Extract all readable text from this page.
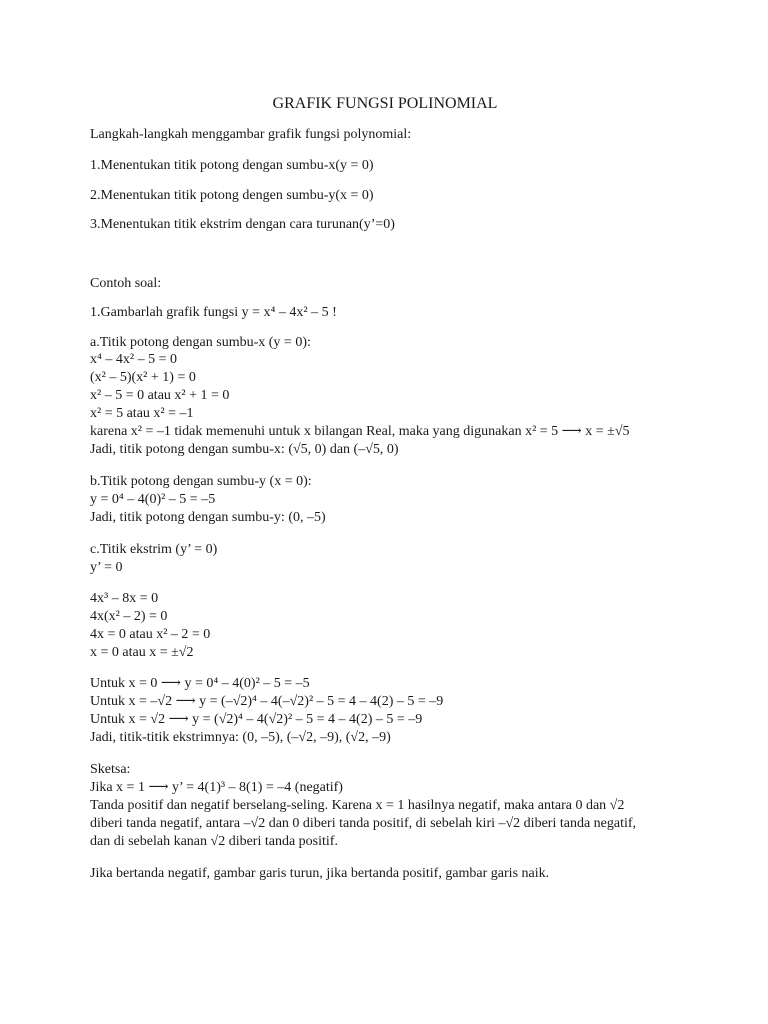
GRAFIK FUNGSI POLINOMIAL
Langkah-langkah menggambar grafik fungsi polynomial:
1.Menentukan titik potong dengan sumbu-x(y = 0)
2.Menentukan titik potong dengen sumbu-y(x = 0)
3.Menentukan titik ekstrim dengan cara turunan(y’=0)
Contoh soal:
1.Gambarlah grafik fungsi y = x⁴ – 4x² – 5 !
a.Titik potong dengan sumbu-x (y = 0):
x⁴ – 4x² – 5 = 0
(x² – 5)(x² + 1) = 0
x² – 5 = 0 atau x² + 1 = 0
x² = 5 atau x² = –1
karena x² = –1 tidak memenuhi untuk x bilangan Real, maka yang digunakan x² = 5 ⟶ x = ±√5
Jadi, titik potong dengan sumbu-x: (√5, 0) dan (–√5, 0)
b.Titik potong dengan sumbu-y (x = 0):
y = 0⁴ – 4(0)² – 5 = –5
Jadi, titik potong dengan sumbu-y: (0, –5)
c.Titik ekstrim (y’ = 0)
y’ = 0
4x³ – 8x = 0
4x(x² – 2) = 0
4x = 0 atau x² – 2 = 0
x = 0 atau x = ±√2
Untuk x = 0 ⟶ y = 0⁴ – 4(0)² – 5 = –5
Untuk x = –√2 ⟶ y = (–√2)⁴ – 4(–√2)² – 5 = 4 – 4(2) – 5 = –9
Untuk x = √2 ⟶ y = (√2)⁴ – 4(√2)² – 5 = 4 – 4(2) – 5 = –9
Jadi, titik-titik ekstrimnya: (0, –5), (–√2, –9), (√2, –9)
Sketsa:
Jika x = 1 ⟶ y’ = 4(1)³ – 8(1) = –4 (negatif)
Tanda positif dan negatif berselang-seling. Karena x = 1 hasilnya negatif, maka antara 0 dan √2
diberi tanda negatif, antara –√2 dan 0 diberi tanda positif, di sebelah kiri –√2 diberi tanda negatif,
dan di sebelah kanan √2 diberi tanda positif.
Jika bertanda negatif, gambar garis turun, jika bertanda positif, gambar garis naik.
